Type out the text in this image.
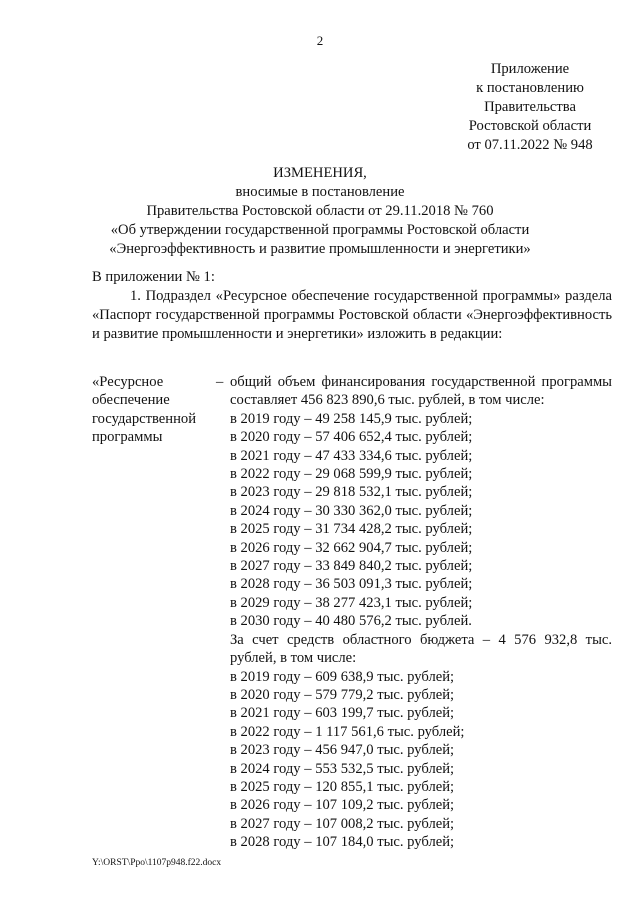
2
Приложение
к постановлению
Правительства
Ростовской области
от 07.11.2022 № 948
ИЗМЕНЕНИЯ,
вносимые в постановление
Правительства Ростовской области от 29.11.2018 № 760
«Об утверждении государственной программы Ростовской области
«Энергоэффективность и развитие промышленности и энергетики»
В приложении № 1:
1. Подраздел «Ресурсное обеспечение государственной программы» раздела «Паспорт государственной программы Ростовской области «Энергоэффективность и развитие промышленности и энергетики» изложить в редакции:
«Ресурсное
обеспечение
государственной
программы
– общий объем финансирования государственной программы составляет 456 823 890,6 тыс. рублей, в том числе:
в 2019 году – 49 258 145,9 тыс. рублей;
в 2020 году – 57 406 652,4 тыс. рублей;
в 2021 году – 47 433 334,6 тыс. рублей;
в 2022 году – 29 068 599,9 тыс. рублей;
в 2023 году – 29 818 532,1 тыс. рублей;
в 2024 году – 30 330 362,0 тыс. рублей;
в 2025 году – 31 734 428,2 тыс. рублей;
в 2026 году – 32 662 904,7 тыс. рублей;
в 2027 году – 33 849 840,2 тыс. рублей;
в 2028 году – 36 503 091,3 тыс. рублей;
в 2029 году – 38 277 423,1 тыс. рублей;
в 2030 году – 40 480 576,2 тыс. рублей.
За счет средств областного бюджета – 4 576 932,8 тыс. рублей, в том числе:
в 2019 году – 609 638,9 тыс. рублей;
в 2020 году – 579 779,2 тыс. рублей;
в 2021 году – 603 199,7 тыс. рублей;
в 2022 году – 1 117 561,6 тыс. рублей;
в 2023 году – 456 947,0 тыс. рублей;
в 2024 году – 553 532,5 тыс. рублей;
в 2025 году – 120 855,1 тыс. рублей;
в 2026 году – 107 109,2 тыс. рублей;
в 2027 году – 107 008,2 тыс. рублей;
в 2028 году – 107 184,0 тыс. рублей;
Y:\ORST\Ppo\1107p948.f22.docx
